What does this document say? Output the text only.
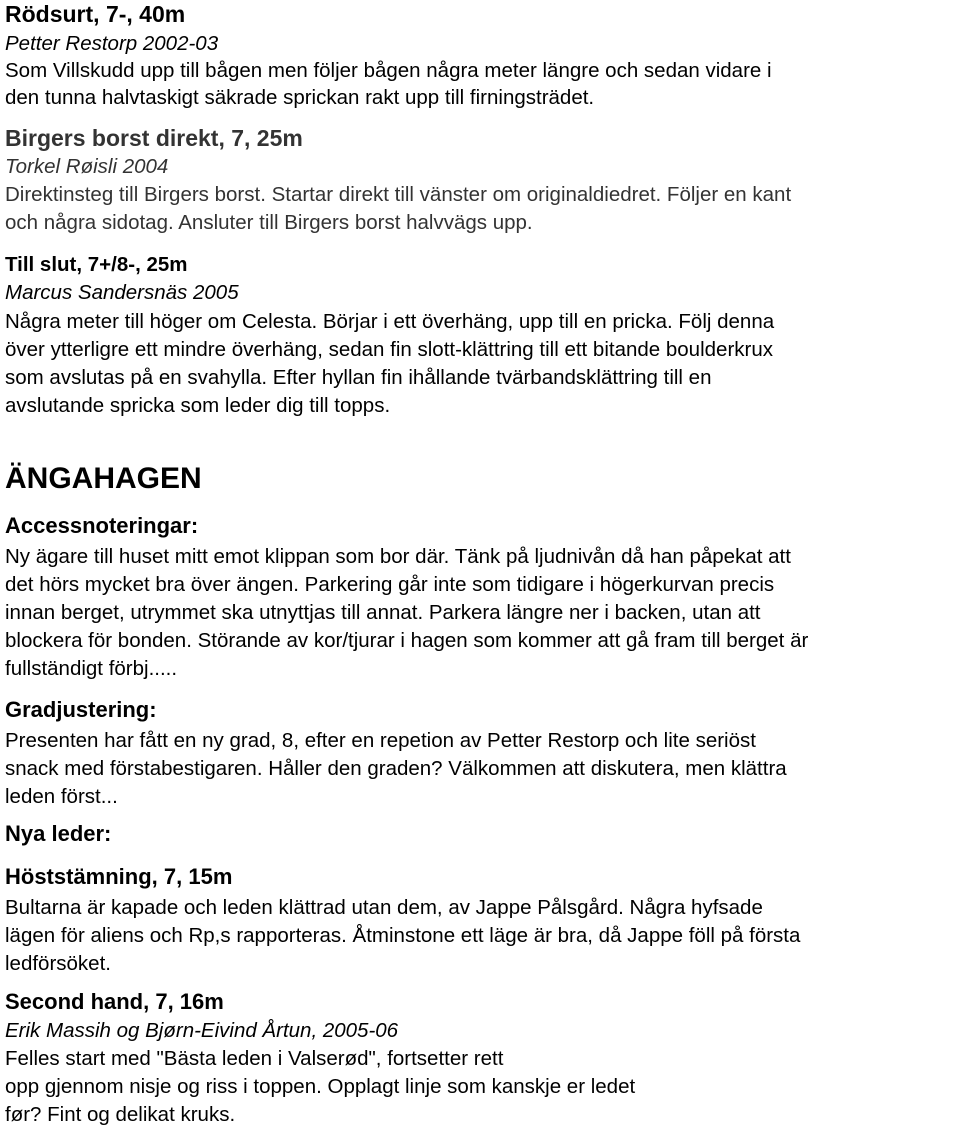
Rödsurt, 7-, 40m
Petter Restorp 2002-03
Som Villskudd upp till bågen men följer bågen några meter längre och sedan vidare i
den tunna halvtaskigt säkrade sprickan rakt upp till firningsträdet.
Birgers borst direkt, 7, 25m
Torkel Røisli 2004
Direktinsteg till Birgers borst. Startar direkt till vänster om originaldiedret. Följer en kant
och några sidotag. Ansluter till Birgers borst halvvägs upp.
Till slut, 7+/8-, 25m
Marcus Sandersnäs 2005
Några meter till höger om Celesta. Börjar i ett överhäng, upp till en pricka. Följ denna
över ytterligre ett mindre överhäng, sedan fin slott-klättring till ett bitande boulderkrux
som avslutas på en svahylla. Efter hyllan fin ihållande tvärbandsklättring till en
avslutande spricka som leder dig till topps.
ÄNGAHAGEN
Accessnoteringar:
Ny ägare till huset mitt emot klippan som bor där. Tänk på ljudnivån då han påpekat att
det hörs mycket bra över ängen. Parkering går inte som tidigare i högerkurvan precis
innan berget, utrymmet ska utnyttjas till annat. Parkera längre ner i backen, utan att
blockera för bonden. Störande av kor/tjurar i hagen som kommer att gå fram till berget är
fullständigt förbj.....
Gradjustering:
Presenten har fått en ny grad, 8, efter en repetion av Petter Restorp och lite seriöst
snack med förstabestigaren. Håller den graden? Välkommen att diskutera, men klättra
leden först...
Nya leder:
Höststämning, 7, 15m
Bultarna är kapade och leden klättrad utan dem, av Jappe Pålsgård. Några hyfsade
lägen för aliens och Rp,s rapporteras. Åtminstone ett läge är bra, då Jappe föll på första
ledförsöket.
Second hand, 7, 16m
Erik Massih og Bjørn-Eivind Årtun, 2005-06
Felles start med "Bästa leden i Valserød", fortsetter rett
opp gjennom nisje og riss i toppen. Opplagt linje som kanskje er ledet
før? Fint og delikat kruks.
